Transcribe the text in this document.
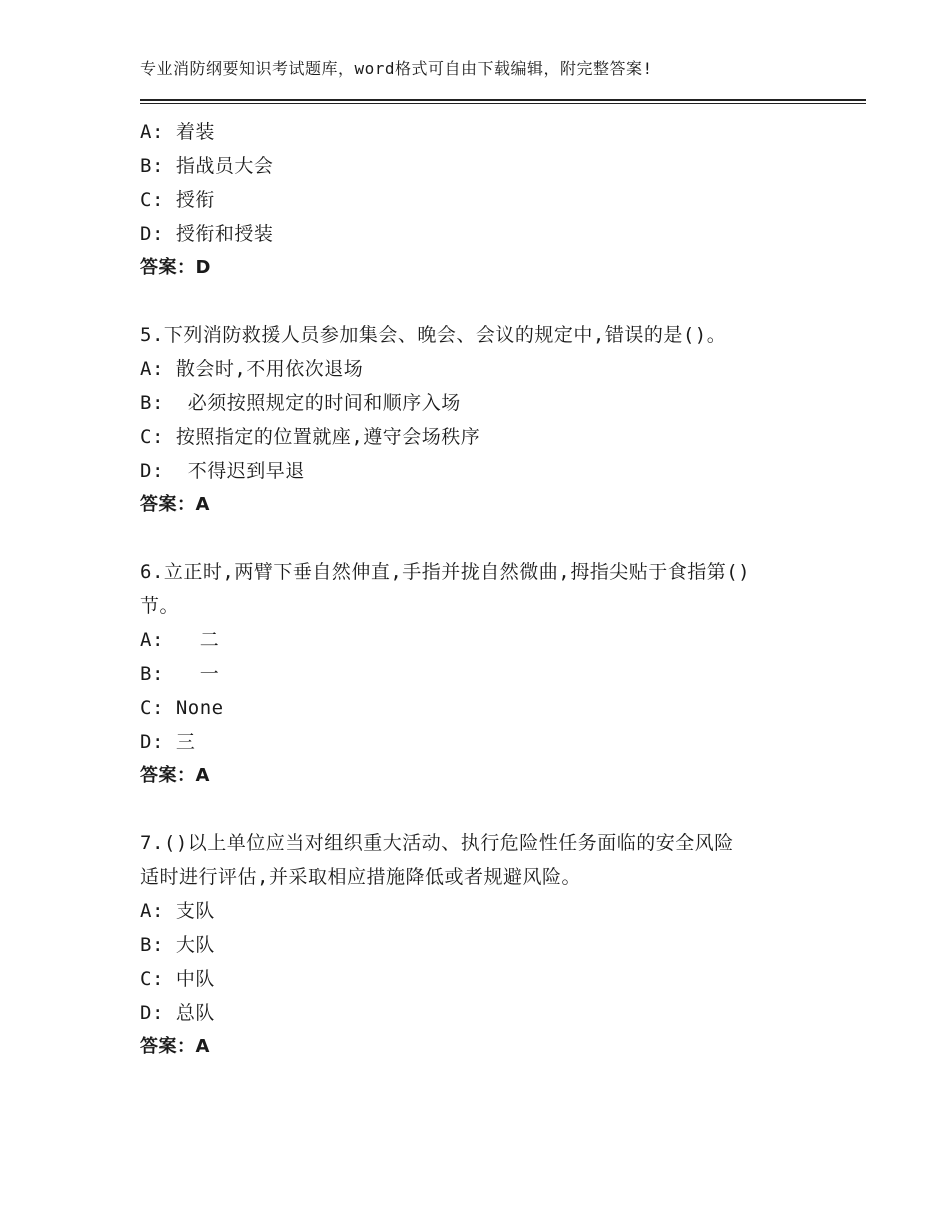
专业消防纲要知识考试题库，word格式可自由下载编辑，附完整答案!
A: 着装
B: 指战员大会
C: 授衔
D: 授衔和授装
答案：D
5.下列消防救援人员参加集会、晚会、会议的规定中,错误的是()。
A: 散会时,不用依次退场
B:  必须按照规定的时间和顺序入场
C: 按照指定的位置就座,遵守会场秩序
D:  不得迟到早退
答案：A
6.立正时,两臂下垂自然伸直,手指并拢自然微曲,拇指尖贴于食指第()
节。
A:   二
B:   一
C: None
D: 三
答案：A
7.()以上单位应当对组织重大活动、执行危险性任务面临的安全风险
适时进行评估,并采取相应措施降低或者规避风险。
A: 支队
B: 大队
C: 中队
D: 总队
答案：A
